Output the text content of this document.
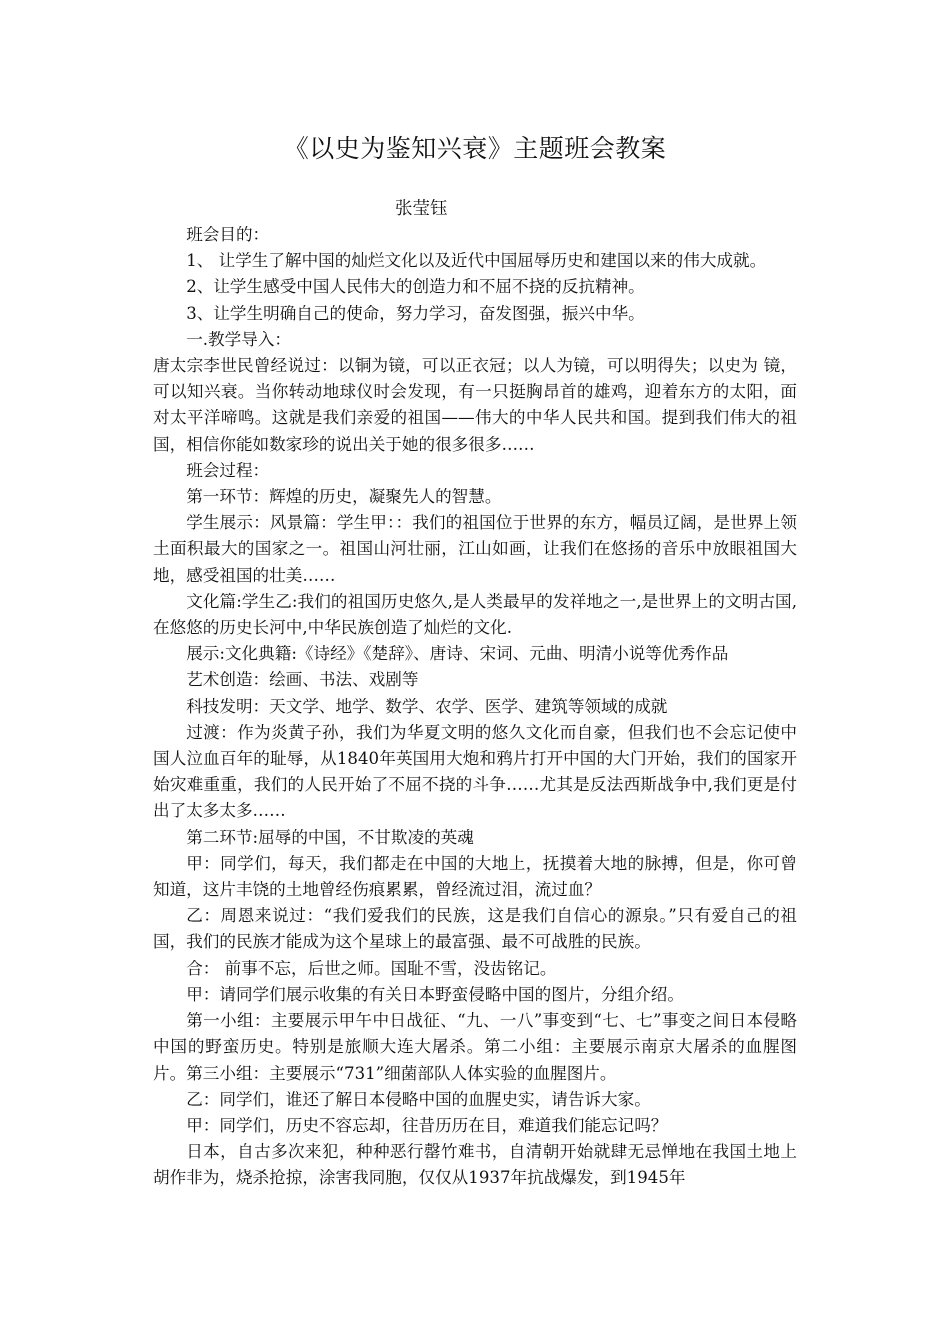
《以史为鉴知兴衰》主题班会教案
张莹钰

班会目的：

1、 让学生了解中国的灿烂文化以及近代中国屈辱历史和建国以来的伟大成就。

2、让学生感受中国人民伟大的创造力和不屈不挠的反抗精神。

3、让学生明确自己的使命，努力学习，奋发图强，振兴中华。

一.教学导入：

唐太宗李世民曾经说过：以铜为镜，可以正衣冠；以人为镜，可以明得失；以史为 镜，可以知兴衰。当你转动地球仪时会发现，有一只挺胸昂首的雄鸡，迎着东方的太阳，面对太平洋啼鸣。这就是我们亲爱的祖国——伟大的中华人民共和国。提到我们伟大的祖国，相信你能如数家珍的说出关于她的很多很多……

班会过程：

第一环节：辉煌的历史，凝聚先人的智慧。

学生展示：风景篇：学生甲：：我们的祖国位于世界的东方，幅员辽阔，是世界上领土面积最大的国家之一。祖国山河壮丽，江山如画，让我们在悠扬的音乐中放眼祖国大地，感受祖国的壮美……

文化篇:学生乙:我们的祖国历史悠久,是人类最早的发祥地之一,是世界上的文明古国,在悠悠的历史长河中,中华民族创造了灿烂的文化.

展示:文化典籍:《诗经》《楚辞》、唐诗、宋词、元曲、明清小说等优秀作品

艺术创造：绘画、书法、戏剧等

科技发明：天文学、地学、数学、农学、医学、建筑等领域的成就

过渡：作为炎黄子孙，我们为华夏文明的悠久文化而自豪，但我们也不会忘记使中国人泣血百年的耻辱，从1840年英国用大炮和鸦片打开中国的大门开始，我们的国家开始灾难重重，我们的人民开始了不屈不挠的斗争……尤其是反法西斯战争中,我们更是付出了太多太多……

第二环节:屈辱的中国，不甘欺凌的英魂

甲：同学们，每天，我们都走在中国的大地上，抚摸着大地的脉搏，但是，你可曾知道，这片丰饶的土地曾经伤痕累累，曾经流过泪，流过血？

乙：周恩来说过：“我们爱我们的民族，这是我们自信心的源泉。”只有爱自己的祖国，我们的民族才能成为这个星球上的最富强、最不可战胜的民族。

合： 前事不忘，后世之师。国耻不雪，没齿铭记。

甲：请同学们展示收集的有关日本野蛮侵略中国的图片，分组介绍。

第一小组：主要展示甲午中日战征、“九、一八”事变到“七、七”事变之间日本侵略中国的野蛮历史。特别是旅顺大连大屠杀。第二小组：主要展示南京大屠杀的血腥图片。第三小组：主要展示“731”细菌部队人体实验的血腥图片。

乙：同学们，谁还了解日本侵略中国的血腥史实，请告诉大家。

甲：同学们，历史不容忘却，往昔历历在目，难道我们能忘记吗？

日本，自古多次来犯，种种恶行罄竹难书，自清朝开始就肆无忌惮地在我国土地上胡作非为，烧杀抢掠，涂害我同胞，仅仅从1937年抗战爆发，到1945年
